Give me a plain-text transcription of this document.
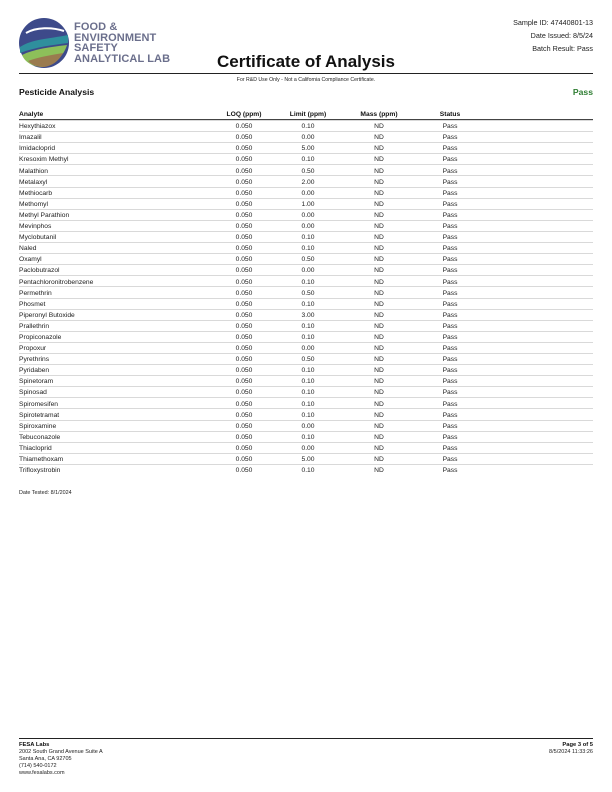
FOOD &
ENVIRONMENT
SAFETY
ANALYTICAL LAB
Sample ID: 47440801-13
Date Issued: 8/5/24
Batch Result: Pass
Certificate of Analysis
For R&D Use Only - Not a California Compliance Certificate.
Pesticide Analysis	Pass
Analyte	LOQ (ppm)	Limit (ppm)	Mass (ppm)	Status
Hexythiazox	0.050	0.10	ND	Pass
Imazalil	0.050	0.00	ND	Pass
Imidacloprid	0.050	5.00	ND	Pass
Kresoxim Methyl	0.050	0.10	ND	Pass
Malathion	0.050	0.50	ND	Pass
Metalaxyl	0.050	2.00	ND	Pass
Methiocarb	0.050	0.00	ND	Pass
Methomyl	0.050	1.00	ND	Pass
Methyl Parathion	0.050	0.00	ND	Pass
Mevinphos	0.050	0.00	ND	Pass
Myclobutanil	0.050	0.10	ND	Pass
Naled	0.050	0.10	ND	Pass
Oxamyl	0.050	0.50	ND	Pass
Paclobutrazol	0.050	0.00	ND	Pass
Pentachloronitrobenzene	0.050	0.10	ND	Pass
Permethrin	0.050	0.50	ND	Pass
Phosmet	0.050	0.10	ND	Pass
Piperonyl Butoxide	0.050	3.00	ND	Pass
Prallethrin	0.050	0.10	ND	Pass
Propiconazole	0.050	0.10	ND	Pass
Propoxur	0.050	0.00	ND	Pass
Pyrethrins	0.050	0.50	ND	Pass
Pyridaben	0.050	0.10	ND	Pass
Spinetoram	0.050	0.10	ND	Pass
Spinosad	0.050	0.10	ND	Pass
Spiromesifen	0.050	0.10	ND	Pass
Spirotetramat	0.050	0.10	ND	Pass
Spiroxamine	0.050	0.00	ND	Pass
Tebuconazole	0.050	0.10	ND	Pass
Thiacloprid	0.050	0.00	ND	Pass
Thiamethoxam	0.050	5.00	ND	Pass
Trifloxystrobin	0.050	0.10	ND	Pass
Date Tested: 8/1/2024
FESA Labs
2002 South Grand Avenue Suite A
Santa Ana, CA 92705
(714) 540-0172
www.fesalabs.com
Page 3 of 5
8/5/2024 11:33:26
